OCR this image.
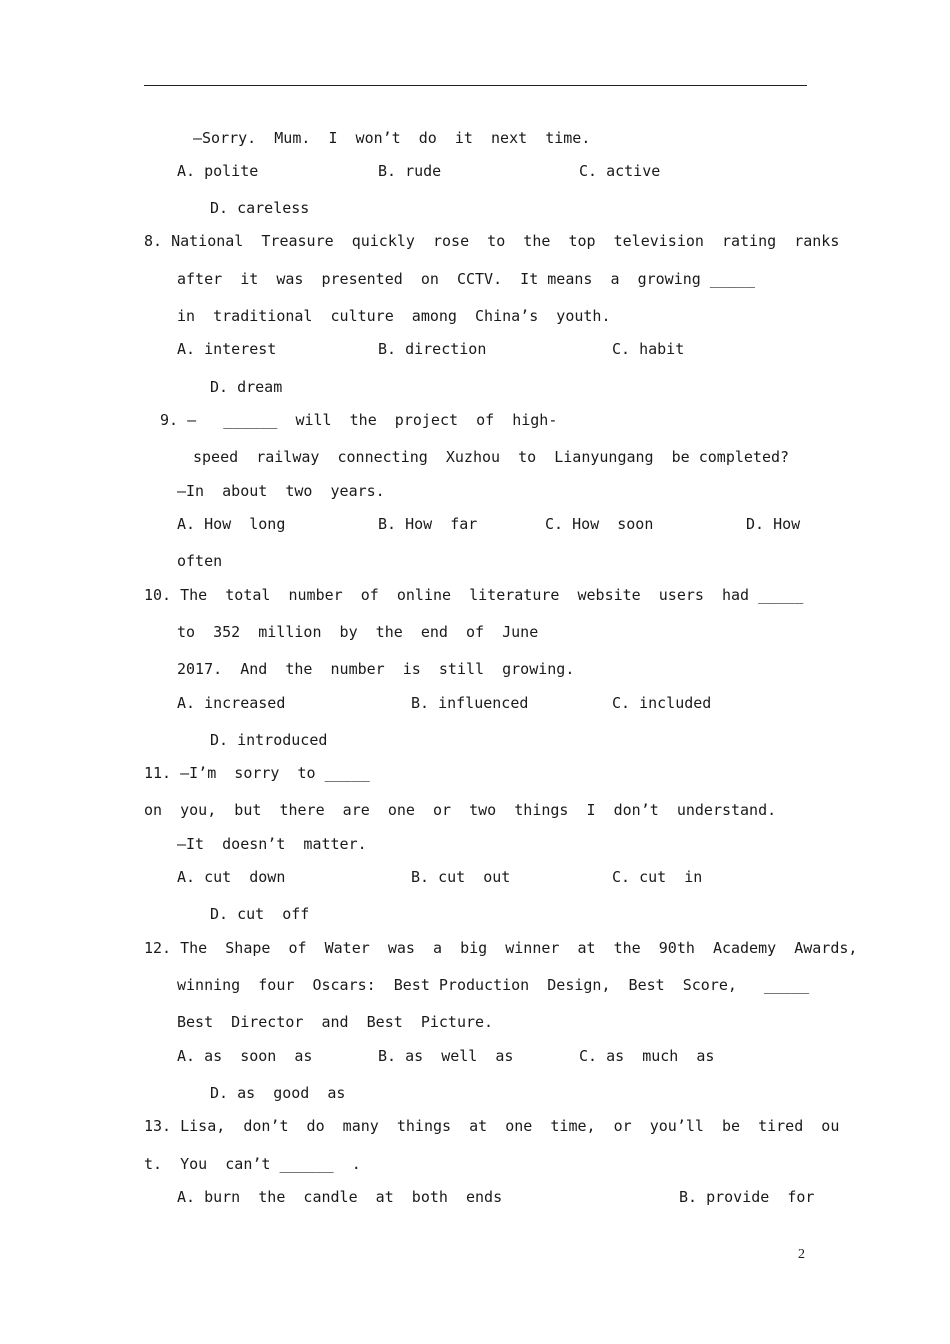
—Sorry.  Mum.  I  won’t  do  it  next  time.
A. polite	B. rude	C. active
D. careless
8. National  Treasure  quickly  rose  to  the  top  television  rating  ranks
after  it  was  presented  on  CCTV.  It means  a  growing _____
in  traditional  culture  among  China’s  youth.
A. interest	B. direction	C. habit
D. dream
9. —   ______  will  the  project  of  high-
speed  railway  connecting  Xuzhou  to  Lianyungang  be completed?
—In  about  two  years.
A. How  long	B. How  far	C. How  soon	D. How
often
10. The  total  number  of  online  literature  website  users  had _____
to  352  million  by  the  end  of  June
2017.  And  the  number  is  still  growing.
A. increased	B. influenced	C. included
D. introduced
11. —I’m  sorry  to _____
on  you,  but  there  are  one  or  two  things  I  don’t  understand.
—It  doesn’t  matter.
A. cut  down	B. cut  out	C. cut  in
D. cut  off
12. The  Shape  of  Water  was  a  big  winner  at  the  90th  Academy  Awards,
winning  four  Oscars:  Best Production  Design,  Best  Score,   _____
Best  Director  and  Best  Picture.
A. as  soon  as	B. as  well  as	C. as  much  as
D. as  good  as
13. Lisa,  don’t  do  many  things  at  one  time,  or  you’ll  be  tired  ou
t.  You  can’t ______  .
A. burn  the  candle  at  both  ends	B. provide  for
2
